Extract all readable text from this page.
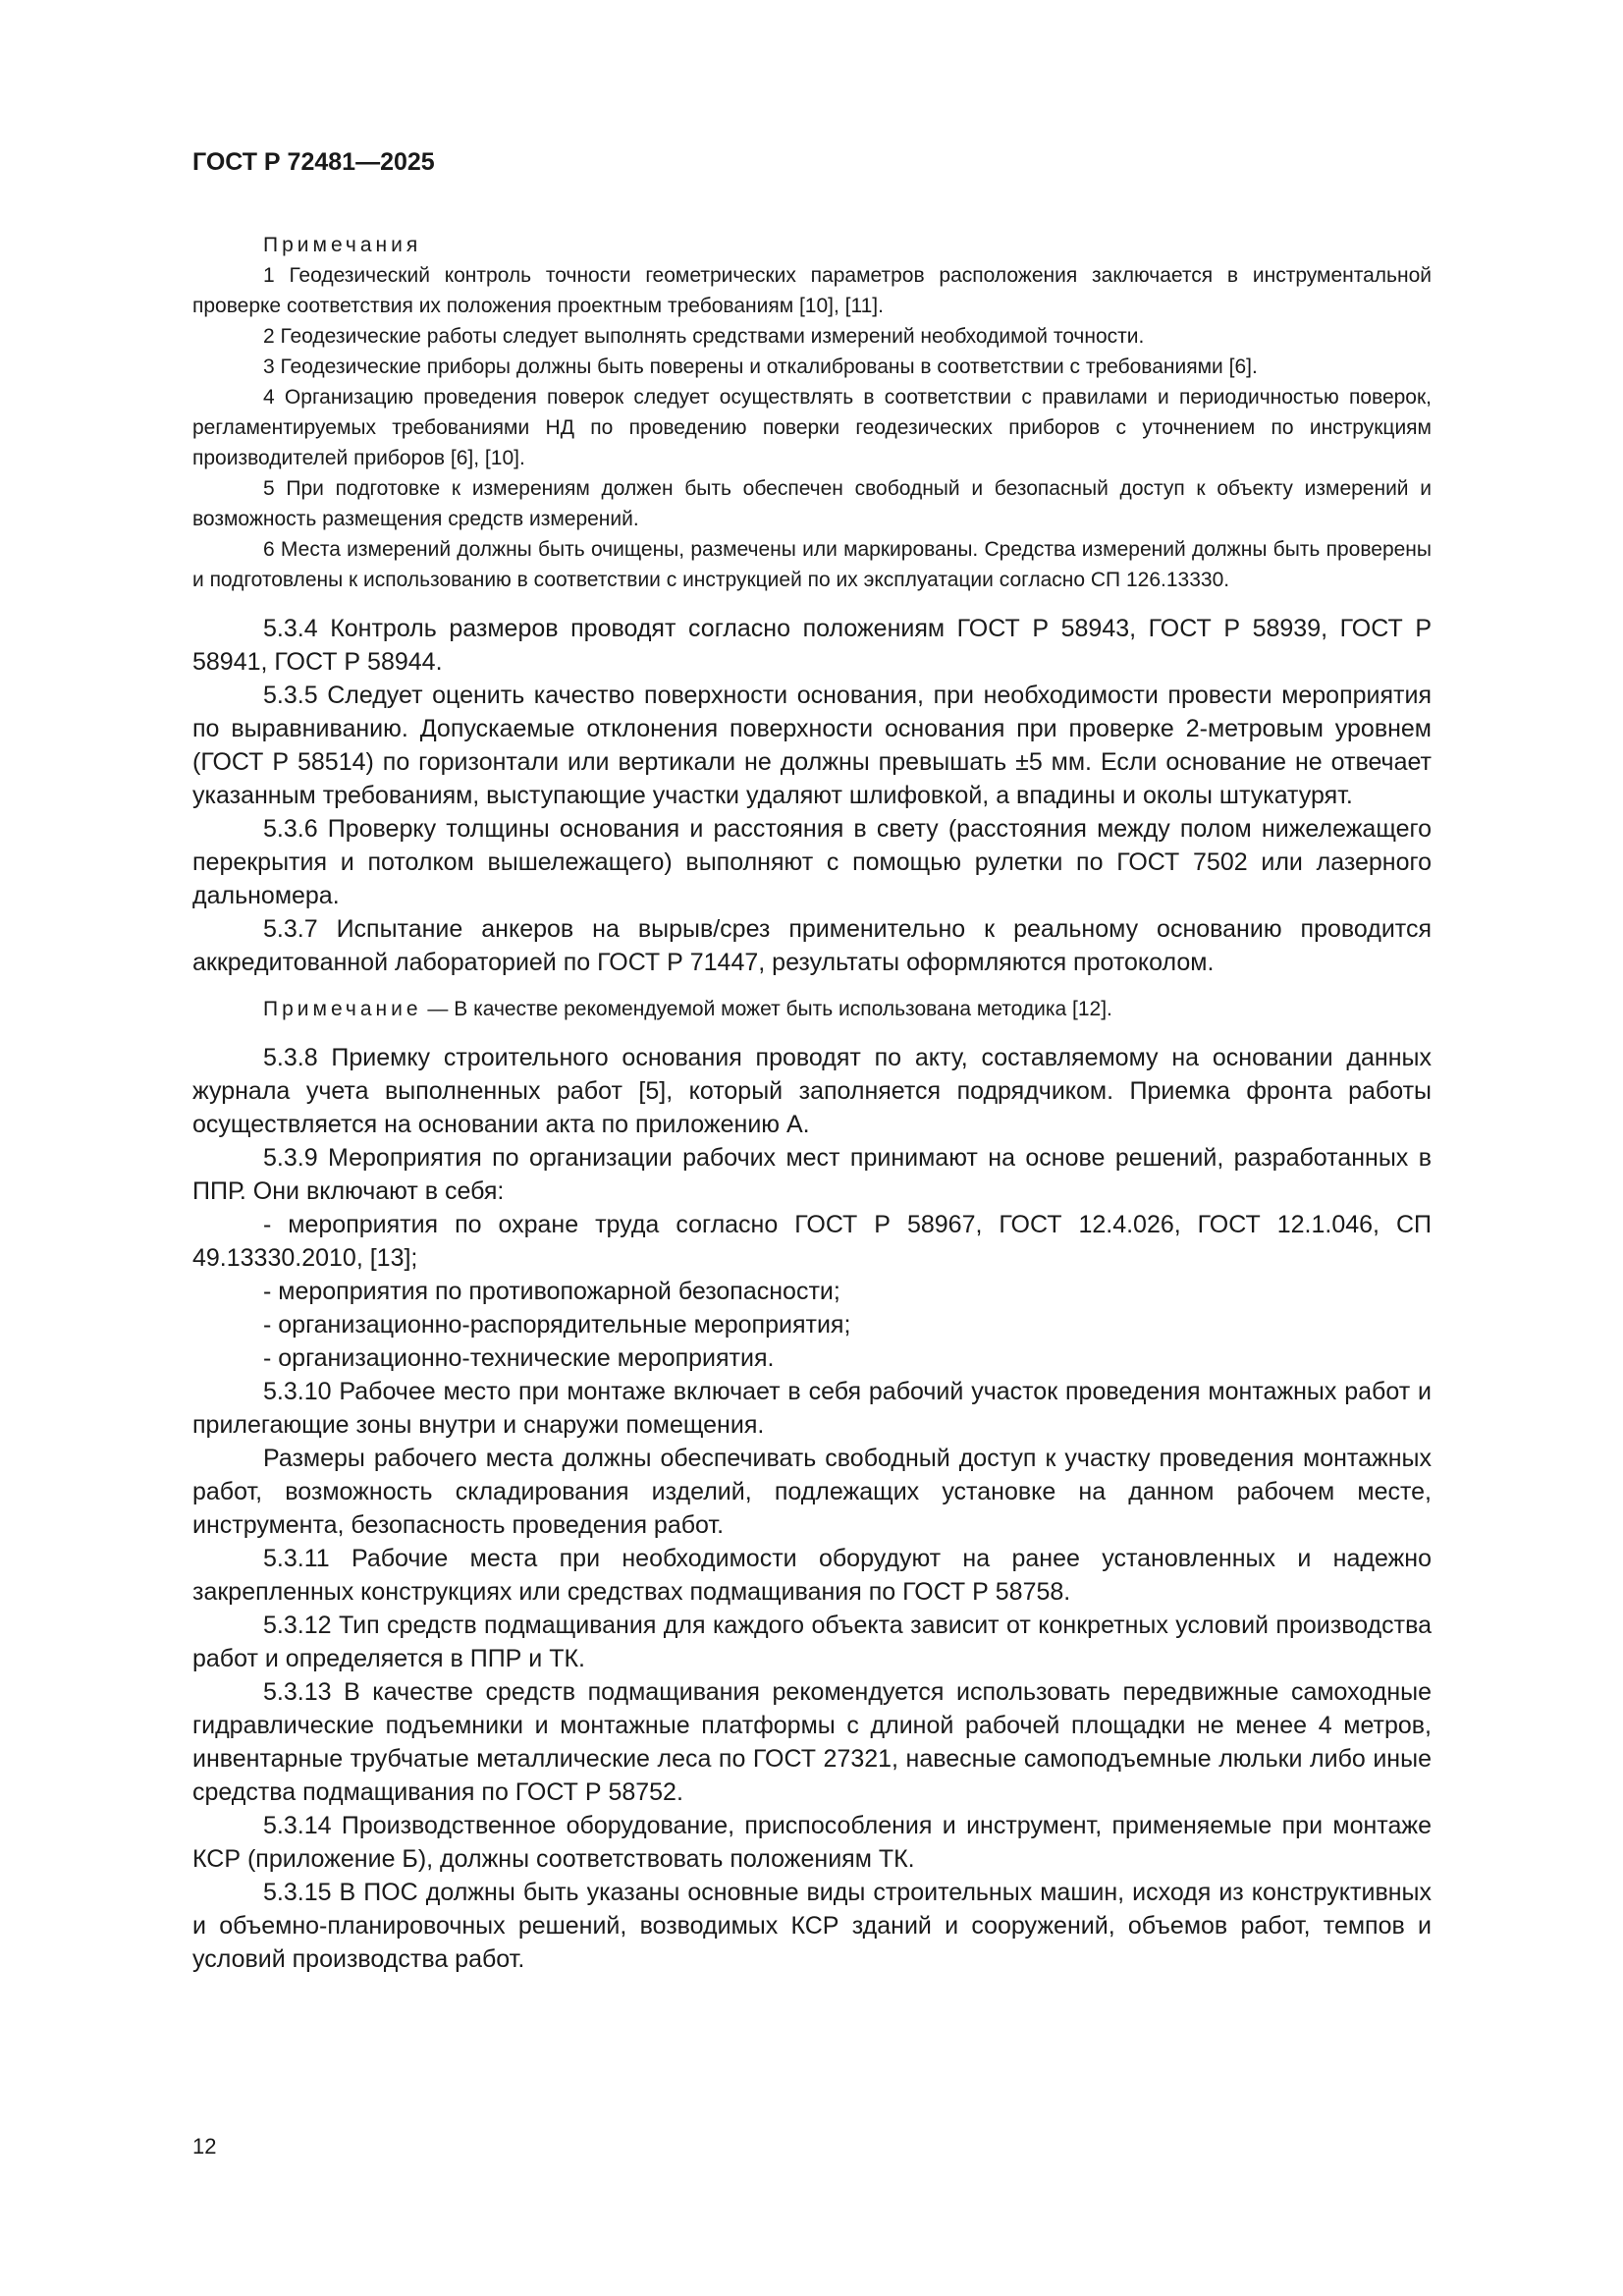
ГОСТ Р 72481—2025
Примечания

1 Геодезический контроль точности геометрических параметров расположения заключается в инструментальной проверке соответствия их положения проектным требованиям [10], [11].

2 Геодезические работы следует выполнять средствами измерений необходимой точности.

3 Геодезические приборы должны быть поверены и откалиброваны в соответствии с требованиями [6].

4 Организацию проведения поверок следует осуществлять в соответствии с правилами и периодичностью поверок, регламентируемых требованиями НД по проведению поверки геодезических приборов с уточнением по инструкциям производителей приборов [6], [10].

5 При подготовке к измерениям должен быть обеспечен свободный и безопасный доступ к объекту измерений и возможность размещения средств измерений.

6 Места измерений должны быть очищены, размечены или маркированы. Средства измерений должны быть проверены и подготовлены к использованию в соответствии с инструкцией по их эксплуатации согласно СП 126.13330.

5.3.4 Контроль размеров проводят согласно положениям ГОСТ Р 58943, ГОСТ Р 58939, ГОСТ Р 58941, ГОСТ Р 58944.

5.3.5 Следует оценить качество поверхности основания, при необходимости провести мероприятия по выравниванию. Допускаемые отклонения поверхности основания при проверке 2-метровым уровнем (ГОСТ Р 58514) по горизонтали или вертикали не должны превышать ±5 мм. Если основание не отвечает указанным требованиям, выступающие участки удаляют шлифовкой, а впадины и околы штукатурят.

5.3.6 Проверку толщины основания и расстояния в свету (расстояния между полом нижележащего перекрытия и потолком вышележащего) выполняют с помощью рулетки по ГОСТ 7502 или лазерного дальномера.

5.3.7 Испытание анкеров на вырыв/срез применительно к реальному основанию проводится аккредитованной лабораторией по ГОСТ Р 71447, результаты оформляются протоколом.

Примечание — В качестве рекомендуемой может быть использована методика [12].

5.3.8 Приемку строительного основания проводят по акту, составляемому на основании данных журнала учета выполненных работ [5], который заполняется подрядчиком. Приемка фронта работы осуществляется на основании акта по приложению А.

5.3.9 Мероприятия по организации рабочих мест принимают на основе решений, разработанных в ППР. Они включают в себя:

- мероприятия по охране труда согласно ГОСТ Р 58967, ГОСТ 12.4.026, ГОСТ 12.1.046, СП 49.13330.2010, [13];

- мероприятия по противопожарной безопасности;

- организационно-распорядительные мероприятия;

- организационно-технические мероприятия.

5.3.10 Рабочее место при монтаже включает в себя рабочий участок проведения монтажных работ и прилегающие зоны внутри и снаружи помещения.

Размеры рабочего места должны обеспечивать свободный доступ к участку проведения монтажных работ, возможность складирования изделий, подлежащих установке на данном рабочем месте, инструмента, безопасность проведения работ.

5.3.11 Рабочие места при необходимости оборудуют на ранее установленных и надежно закрепленных конструкциях или средствах подмащивания по ГОСТ Р 58758.

5.3.12 Тип средств подмащивания для каждого объекта зависит от конкретных условий производства работ и определяется в ППР и ТК.

5.3.13 В качестве средств подмащивания рекомендуется использовать передвижные самоходные гидравлические подъемники и монтажные платформы с длиной рабочей площадки не менее 4 метров, инвентарные трубчатые металлические леса по ГОСТ 27321, навесные самоподъемные люльки либо иные средства подмащивания по ГОСТ Р 58752.

5.3.14 Производственное оборудование, приспособления и инструмент, применяемые при монтаже КСР (приложение Б), должны соответствовать положениям ТК.

5.3.15 В ПОС должны быть указаны основные виды строительных машин, исходя из конструктивных и объемно-планировочных решений, возводимых КСР зданий и сооружений, объемов работ, темпов и условий производства работ.

12
